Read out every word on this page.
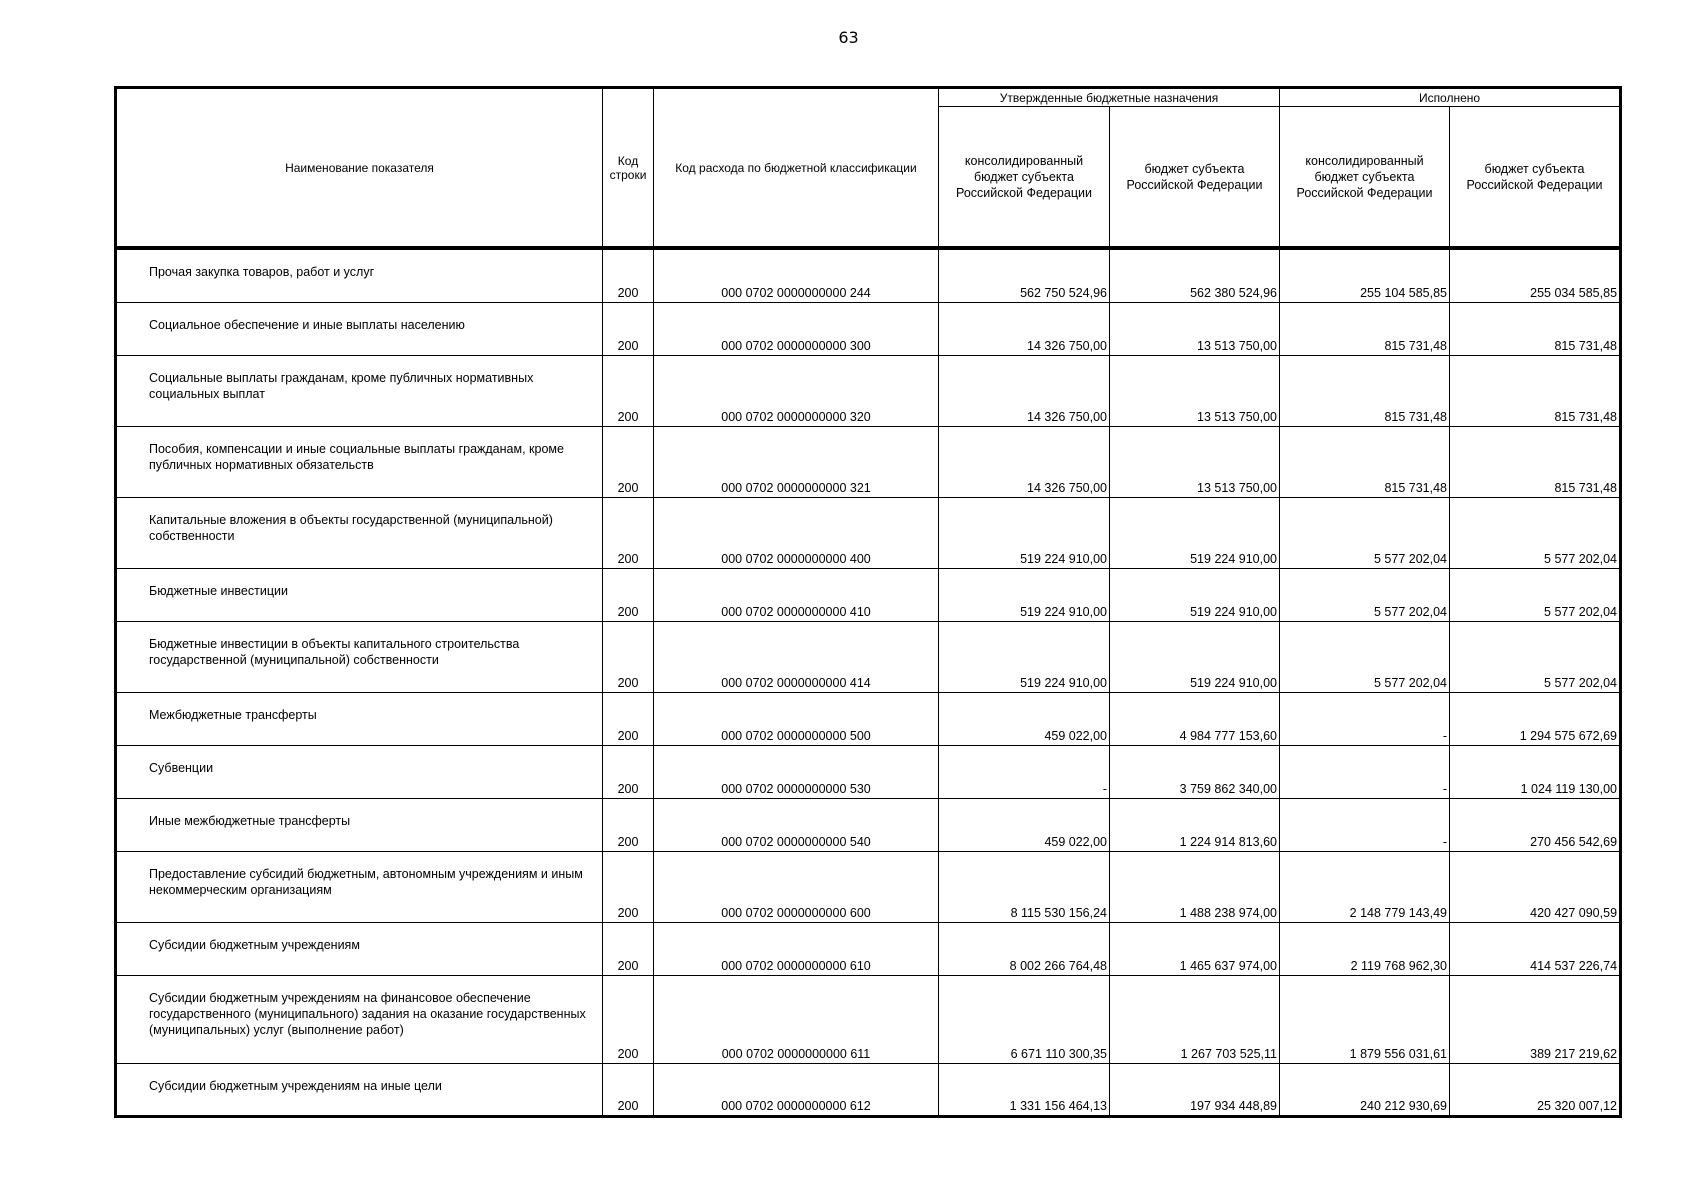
63
Наименование показателя	Код строки	Код расхода по бюджетной классификации	Утвержденные бюджетные назначения		Исполнено	
			консолидированный бюджет субъекта Российской Федерации	бюджет субъекта Российской Федерации	консолидированный бюджет субъекта Российской Федерации	бюджет субъекта Российской Федерации
Прочая закупка товаров, работ и услуг	200	000 0702 0000000000 244	562 750 524,96	562 380 524,96	255 104 585,85	255 034 585,85
Социальное обеспечение и иные выплаты населению	200	000 0702 0000000000 300	14 326 750,00	13 513 750,00	815 731,48	815 731,48
Социальные выплаты гражданам, кроме публичных нормативных социальных выплат	200	000 0702 0000000000 320	14 326 750,00	13 513 750,00	815 731,48	815 731,48
Пособия, компенсации и иные социальные выплаты гражданам, кроме публичных нормативных обязательств	200	000 0702 0000000000 321	14 326 750,00	13 513 750,00	815 731,48	815 731,48
Капитальные вложения в объекты государственной (муниципальной) собственности	200	000 0702 0000000000 400	519 224 910,00	519 224 910,00	5 577 202,04	5 577 202,04
Бюджетные инвестиции	200	000 0702 0000000000 410	519 224 910,00	519 224 910,00	5 577 202,04	5 577 202,04
Бюджетные инвестиции в объекты капитального строительства государственной (муниципальной) собственности	200	000 0702 0000000000 414	519 224 910,00	519 224 910,00	5 577 202,04	5 577 202,04
Межбюджетные трансферты	200	000 0702 0000000000 500	459 022,00	4 984 777 153,60	-	1 294 575 672,69
Субвенции	200	000 0702 0000000000 530	-	3 759 862 340,00	-	1 024 119 130,00
Иные межбюджетные трансферты	200	000 0702 0000000000 540	459 022,00	1 224 914 813,60	-	270 456 542,69
Предоставление субсидий бюджетным, автономным учреждениям и иным некоммерческим организациям	200	000 0702 0000000000 600	8 115 530 156,24	1 488 238 974,00	2 148 779 143,49	420 427 090,59
Субсидии бюджетным учреждениям	200	000 0702 0000000000 610	8 002 266 764,48	1 465 637 974,00	2 119 768 962,30	414 537 226,74
Субсидии бюджетным учреждениям на финансовое обеспечение государственного (муниципального) задания на оказание государственных (муниципальных) услуг (выполнение работ)	200	000 0702 0000000000 611	6 671 110 300,35	1 267 703 525,11	1 879 556 031,61	389 217 219,62
Субсидии бюджетным учреждениям на иные цели	200	000 0702 0000000000 612	1 331 156 464,13	197 934 448,89	240 212 930,69	25 320 007,12
